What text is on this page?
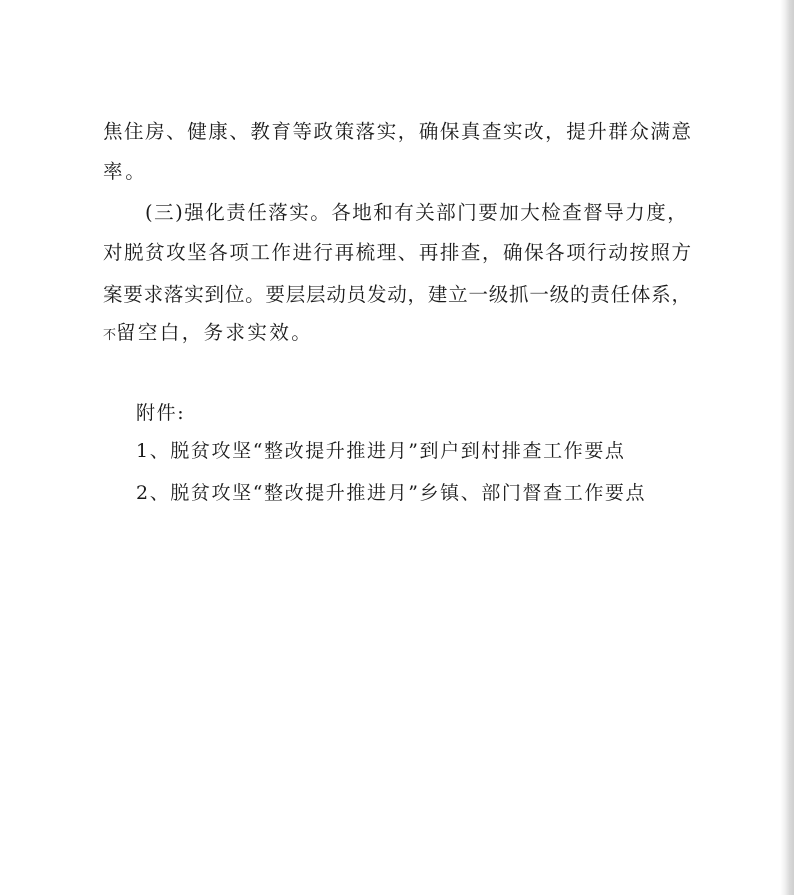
焦住房、健康、教育等政策落实，确保真查实改，提升群众满意
率。
(三)强化责任落实。各地和有关部门要加大检查督导力度，
对脱贫攻坚各项工作进行再梳理、再排查，确保各项行动按照方
案要求落实到位。要层层动员发动，建立一级抓一级的责任体系，
不留空白，务求实效。
附件:
1、脱贫攻坚“整改提升推进月”到户到村排查工作要点
2、脱贫攻坚“整改提升推进月”乡镇、部门督查工作要点
